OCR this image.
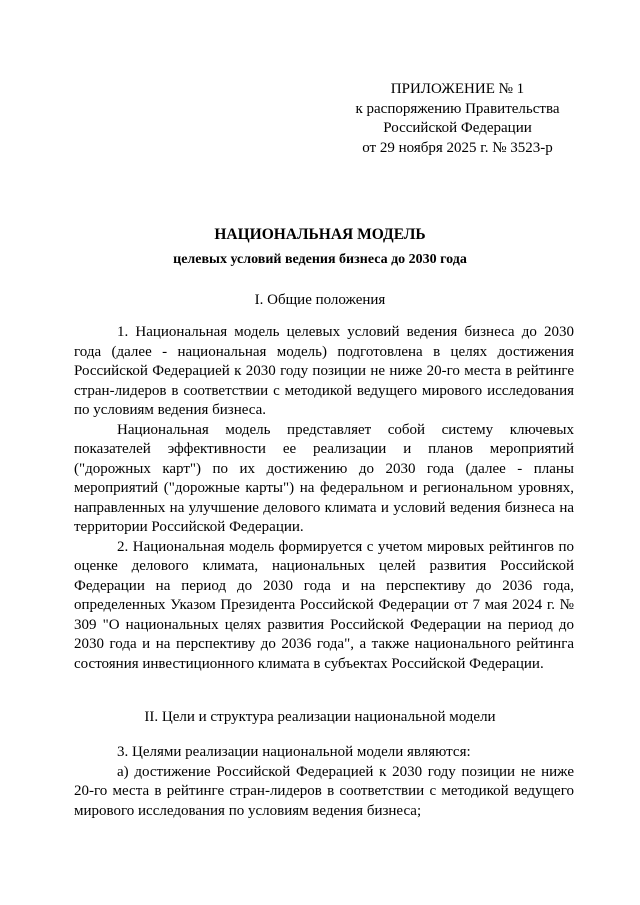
ПРИЛОЖЕНИЕ № 1
к распоряжению Правительства
Российской Федерации
от 29 ноября 2025 г. № 3523-р
НАЦИОНАЛЬНАЯ МОДЕЛЬ
целевых условий ведения бизнеса до 2030 года
I. Общие положения

1. Национальная модель целевых условий ведения бизнеса до 2030 года (далее - национальная модель) подготовлена в целях достижения Российской Федерацией к 2030 году позиции не ниже 20-го места в рейтинге стран-лидеров в соответствии с методикой ведущего мирового исследования по условиям ведения бизнеса.

Национальная модель представляет собой систему ключевых показателей эффективности ее реализации и планов мероприятий ("дорожных карт") по их достижению до 2030 года (далее - планы мероприятий ("дорожные карты") на федеральном и региональном уровнях, направленных на улучшение делового климата и условий ведения бизнеса на территории Российской Федерации.

2. Национальная модель формируется с учетом мировых рейтингов по оценке делового климата, национальных целей развития Российской Федерации на период до 2030 года и на перспективу до 2036 года, определенных Указом Президента Российской Федерации от 7 мая 2024 г. № 309 "О национальных целях развития Российской Федерации на период до 2030 года и на перспективу до 2036 года", а также национального рейтинга состояния инвестиционного климата в субъектах Российской Федерации.

II. Цели и структура реализации национальной модели

3. Целями реализации национальной модели являются:

а) достижение Российской Федерацией к 2030 году позиции не ниже 20-го места в рейтинге стран-лидеров в соответствии с методикой ведущего мирового исследования по условиям ведения бизнеса;
